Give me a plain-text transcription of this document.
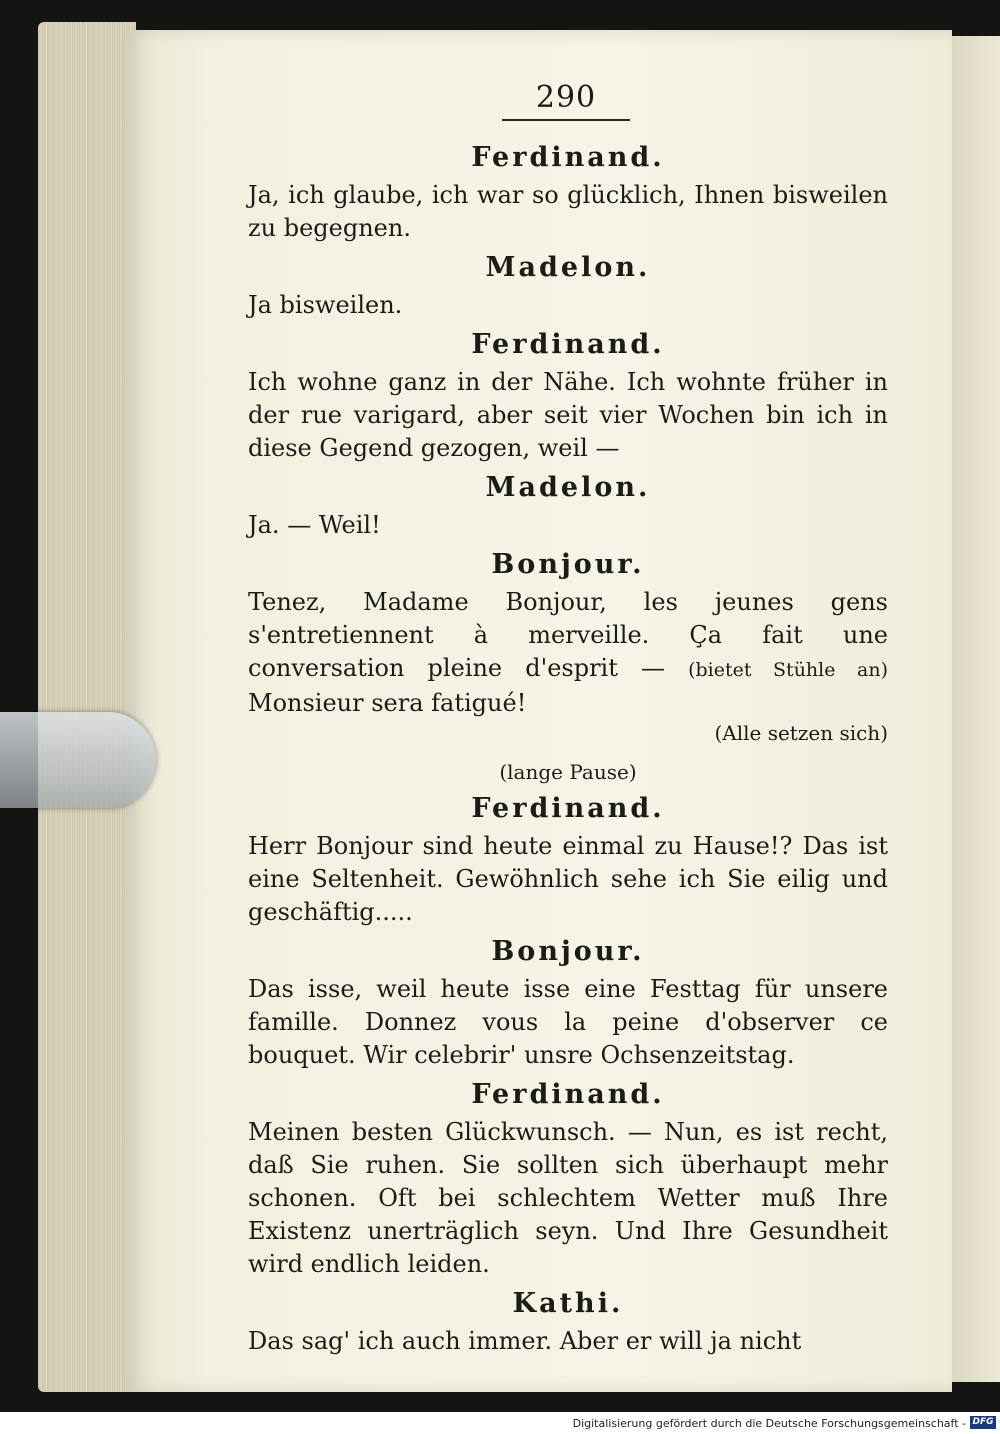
290
Ferdinand.

Ja, ich glaube, ich war so glücklich, Ihnen bisweilen zu begegnen.

Madelon.

Ja bisweilen.

Ferdinand.

Ich wohne ganz in der Nähe. Ich wohnte früher in der rue varigard, aber seit vier Wochen bin ich in diese Gegend gezogen, weil —

Madelon.

Ja. — Weil!

Bonjour.

Tenez, Madame Bonjour, les jeunes gens s'entretiennent à merveille. Ça fait une conversation pleine d'esprit — (bietet Stühle an) Monsieur sera fatigué!
(Alle setzen sich)

(lange Pause)
Ferdinand.

Herr Bonjour sind heute einmal zu Hause!? Das ist eine Seltenheit. Gewöhnlich sehe ich Sie eilig und geschäftig.....

Bonjour.

Das isse, weil heute isse eine Festtag für unsere famille. Donnez vous la peine d'observer ce bouquet. Wir celebrir' unsre Ochsenzeitstag.

Ferdinand.

Meinen besten Glückwunsch. — Nun, es ist recht, daß Sie ruhen. Sie sollten sich überhaupt mehr schonen. Oft bei schlechtem Wetter muß Ihre Existenz unerträglich seyn. Und Ihre Gesundheit wird endlich leiden.

Kathi.

Das sag' ich auch immer. Aber er will ja nicht

Digitalisierung gefördert durch die Deutsche Forschungsgemeinschaft - DFG
